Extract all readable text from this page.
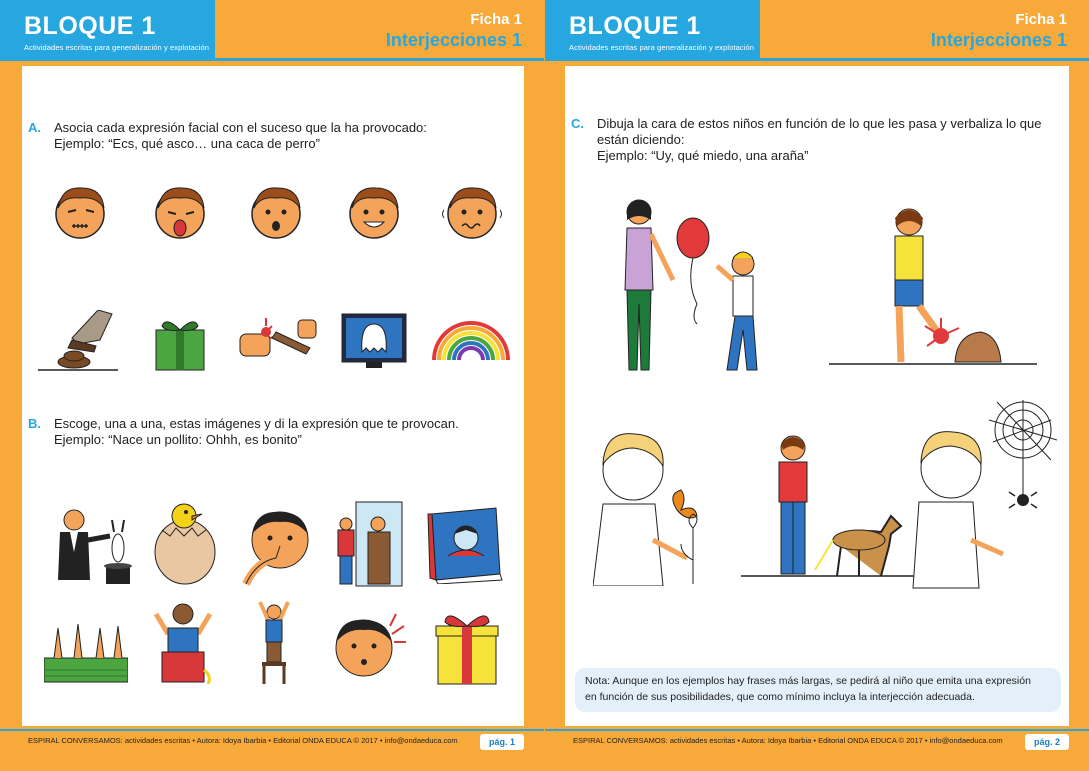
BLOQUE 1
Actividades escritas para generalización y explotación
Ficha 1
Interjecciones 1
A. Asocia cada expresión facial con el suceso que la ha provocado:
Ejemplo: “Ecs, qué asco… una caca de perro”
B. Escoge, una a una, estas imágenes y di la expresión que te provocan.
Ejemplo: “Nace un pollito: Ohhh, es bonito”
ESPIRAL CONVERSAMOS: actividades escritas • Autora: Idoya Ibarbia • Editorial ONDA EDUCA © 2017 • info@ondaeduca.com	pág. 1
BLOQUE 1
Actividades escritas para generalización y explotación
Ficha 1
Interjecciones 1
C. Dibuja la cara de estos niños en función de lo que les pasa y verbaliza lo que
están diciendo:
Ejemplo: “Uy, qué miedo, una araña”
Nota: Aunque en los ejemplos hay frases más largas, se pedirá al niño que emita una expresión
en función de sus posibilidades, que como mínimo incluya la interjección adecuada.
ESPIRAL CONVERSAMOS: actividades escritas • Autora: Idoya Ibarbia • Editorial ONDA EDUCA © 2017 • info@ondaeduca.com	pág. 2
